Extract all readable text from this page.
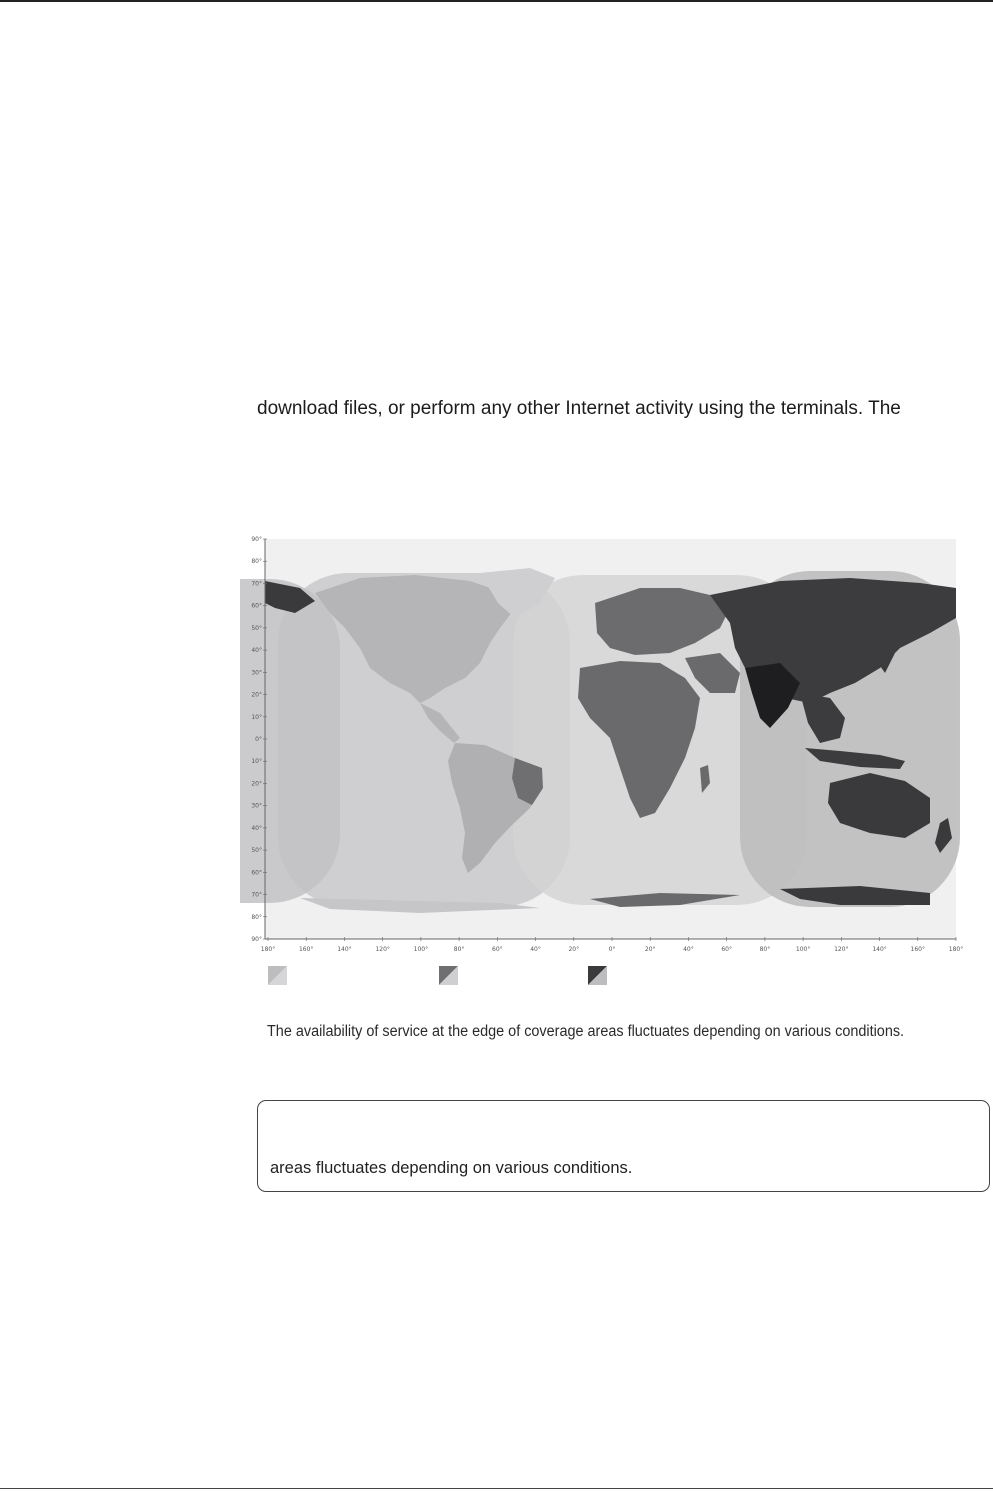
download files, or perform any other Internet activity using the terminals. The
90°
80°
70°
60°
50°
40°
30°
20°
10°
0°
10°
20°
30°
40°
50°
60°
70°
80°
90°
180°	160°	140°	120°	100°	80°	60°	40°	20°	0°	20°	40°	60°	80°	100°	120°	140°	160°	180°
The availability of service at the edge of coverage areas fluctuates depending on various conditions.
areas fluctuates depending on various conditions.
